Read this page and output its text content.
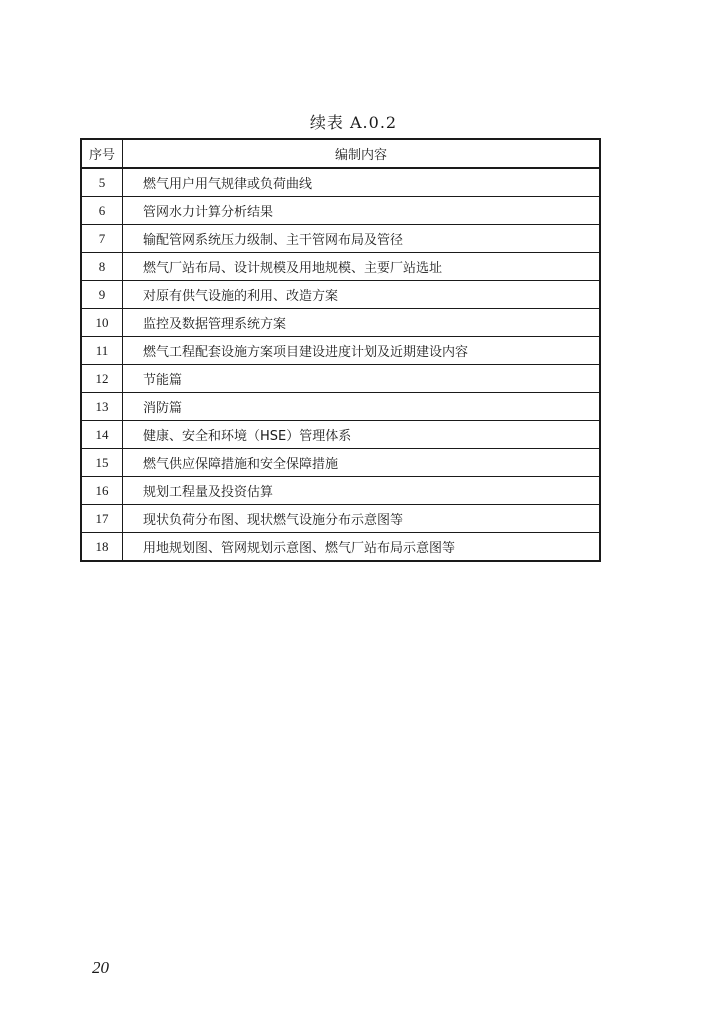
续表 A.0.2
序号	编制内容
5	燃气用户用气规律或负荷曲线
6	管网水力计算分析结果
7	输配管网系统压力级制、主干管网布局及管径
8	燃气厂站布局、设计规模及用地规模、主要厂站选址
9	对原有供气设施的利用、改造方案
10	监控及数据管理系统方案
11	燃气工程配套设施方案项目建设进度计划及近期建设内容
12	节能篇
13	消防篇
14	健康、安全和环境（HSE）管理体系
15	燃气供应保障措施和安全保障措施
16	规划工程量及投资估算
17	现状负荷分布图、现状燃气设施分布示意图等
18	用地规划图、管网规划示意图、燃气厂站布局示意图等
20
